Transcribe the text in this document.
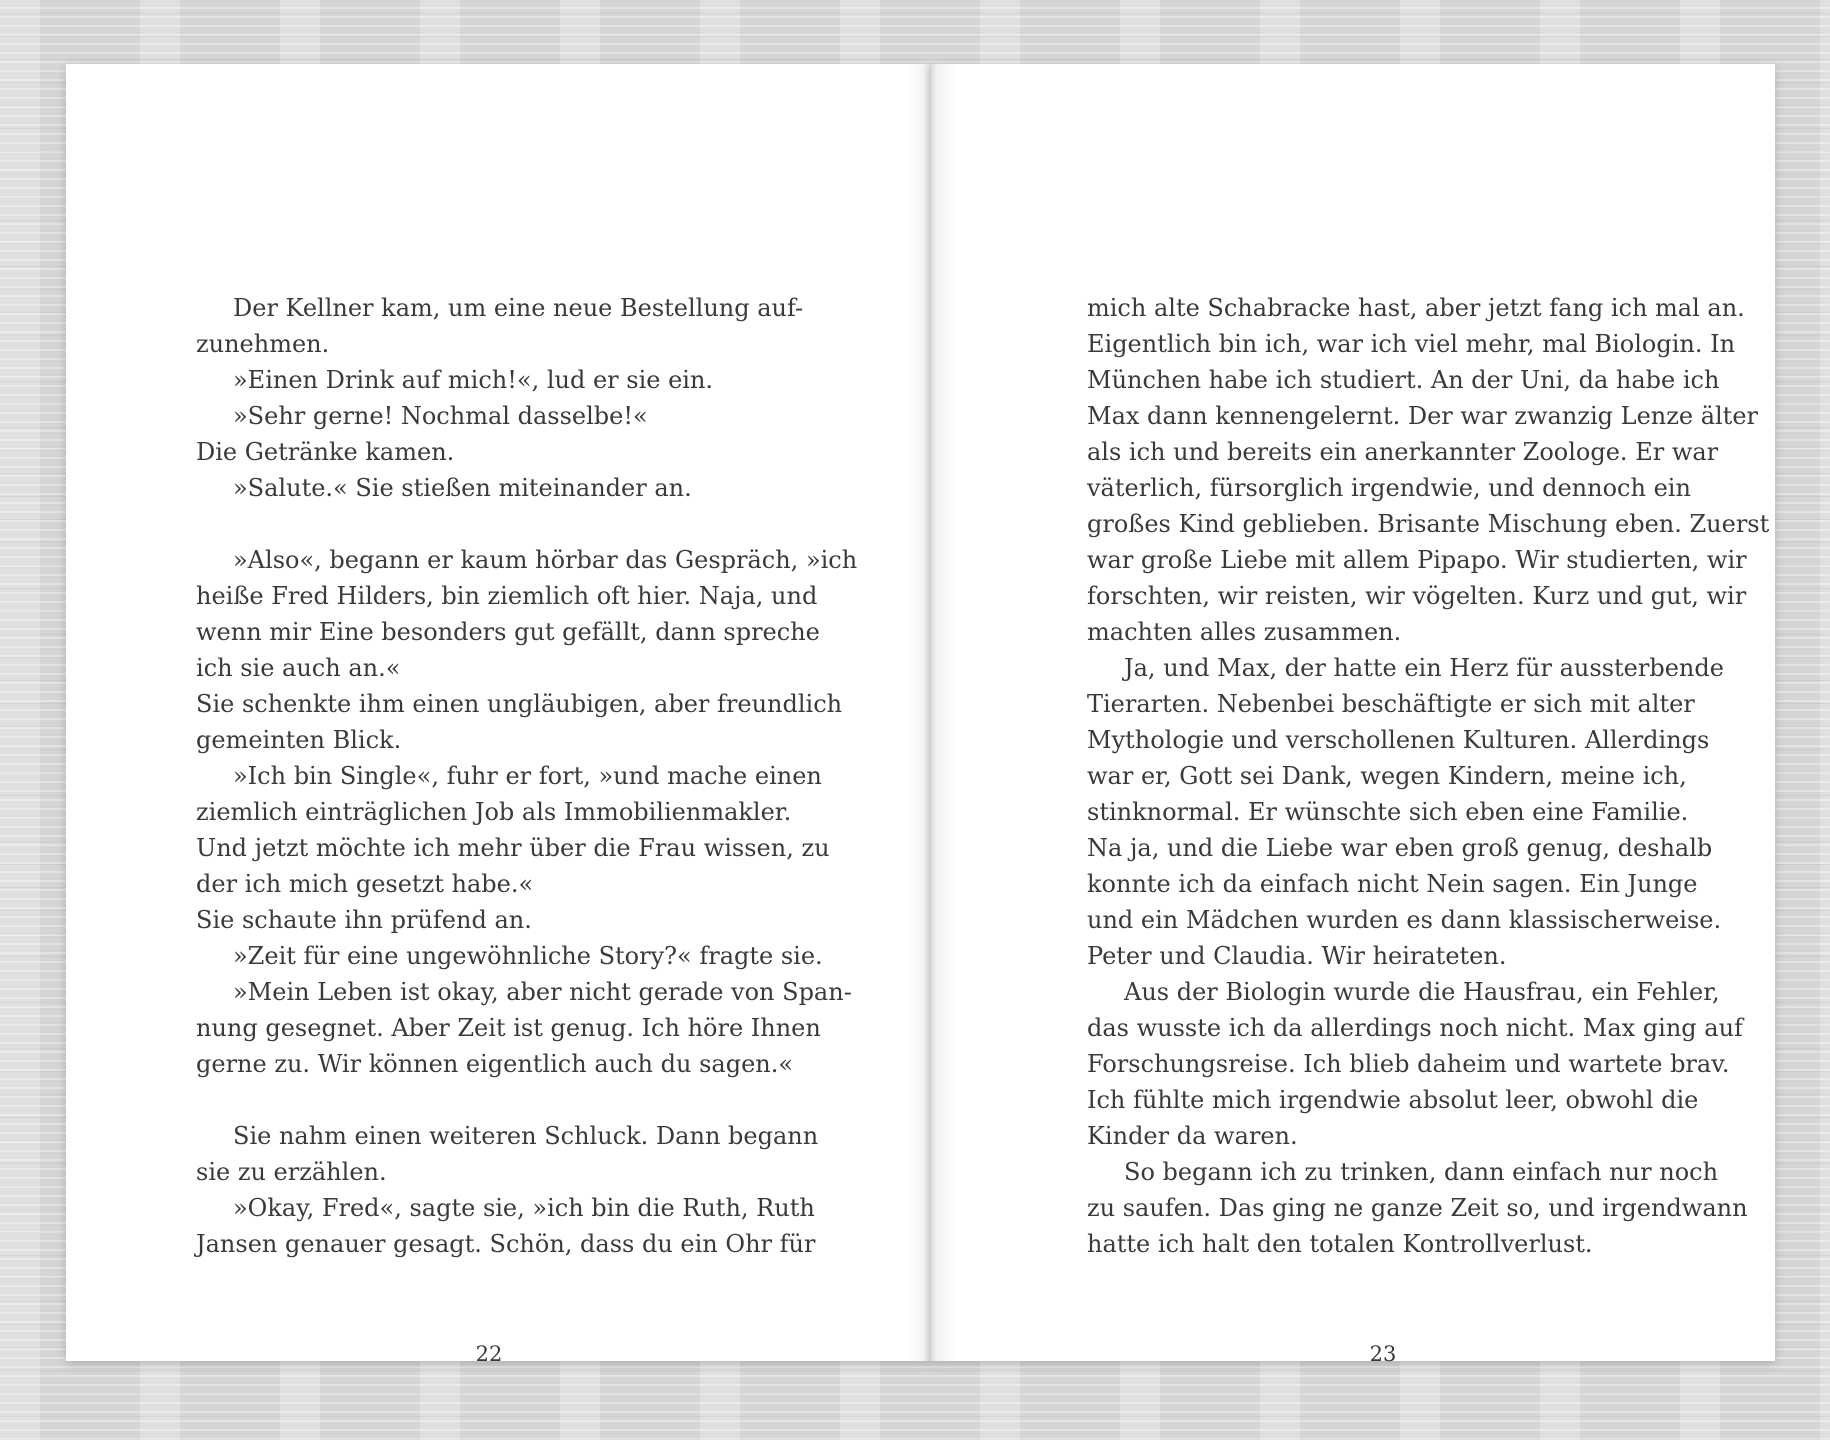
Der Kellner kam, um eine neue Bestellung auf-
zunehmen.
»Einen Drink auf mich!«, lud er sie ein.
»Sehr gerne! Nochmal dasselbe!«
Die Getränke kamen.
»Salute.« Sie stießen miteinander an.
»Also«, begann er kaum hörbar das Gespräch, »ich
heiße Fred Hilders, bin ziemlich oft hier. Naja, und
wenn mir Eine besonders gut gefällt, dann spreche
ich sie auch an.«
Sie schenkte ihm einen ungläubigen, aber freundlich
gemeinten Blick.
»Ich bin Single«, fuhr er fort, »und mache einen
ziemlich einträglichen Job als Immobilienmakler.
Und jetzt möchte ich mehr über die Frau wissen, zu
der ich mich gesetzt habe.«
Sie schaute ihn prüfend an.
»Zeit für eine ungewöhnliche Story?« fragte sie.
»Mein Leben ist okay, aber nicht gerade von Span-
nung gesegnet. Aber Zeit ist genug. Ich höre Ihnen
gerne zu. Wir können eigentlich auch du sagen.«
Sie nahm einen weiteren Schluck. Dann begann
sie zu erzählen.
»Okay, Fred«, sagte sie, »ich bin die Ruth, Ruth
Jansen genauer gesagt. Schön, dass du ein Ohr für
22
mich alte Schabracke hast, aber jetzt fang ich mal an.
Eigentlich bin ich, war ich viel mehr, mal Biologin. In
München habe ich studiert. An der Uni, da habe ich
Max dann kennengelernt. Der war zwanzig Lenze älter
als ich und bereits ein anerkannter Zoologe. Er war
väterlich, fürsorglich irgendwie, und dennoch ein
großes Kind geblieben. Brisante Mischung eben. Zuerst
war große Liebe mit allem Pipapo. Wir studierten, wir
forschten, wir reisten, wir vögelten. Kurz und gut, wir
machten alles zusammen.
Ja, und Max, der hatte ein Herz für aussterbende
Tierarten. Nebenbei beschäftigte er sich mit alter
Mythologie und verschollenen Kulturen. Allerdings
war er, Gott sei Dank, wegen Kindern, meine ich,
stinknormal. Er wünschte sich eben eine Familie.
Na ja, und die Liebe war eben groß genug, deshalb
konnte ich da einfach nicht Nein sagen. Ein Junge
und ein Mädchen wurden es dann klassischerweise.
Peter und Claudia. Wir heirateten.
Aus der Biologin wurde die Hausfrau, ein Fehler,
das wusste ich da allerdings noch nicht. Max ging auf
Forschungsreise. Ich blieb daheim und wartete brav.
Ich fühlte mich irgendwie absolut leer, obwohl die
Kinder da waren.
So begann ich zu trinken, dann einfach nur noch
zu saufen. Das ging ne ganze Zeit so, und irgendwann
hatte ich halt den totalen Kontrollverlust.
23
